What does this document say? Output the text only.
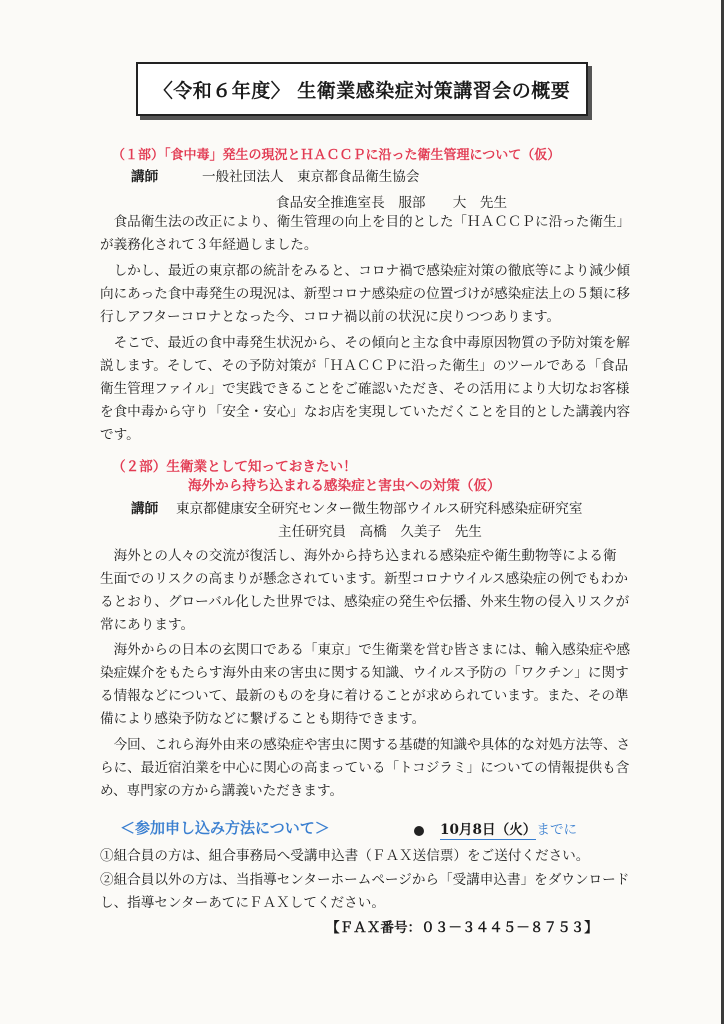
〈令和６年度〉 生衛業感染症対策講習会の概要
（１部）「食中毒」発生の現況とＨＡＣＣＰに沿った衛生管理について（仮）
講師	一般社団法人　東京都食品衛生協会
食品安全推進室長　服部　　大　先生
　食品衛生法の改正により、衛生管理の向上を目的とした「ＨＡＣＣＰに沿った衛生」
が義務化されて３年経過しました。
　しかし、最近の東京都の統計をみると、コロナ禍で感染症対策の徹底等により減少傾
向にあった食中毒発生の現況は、新型コロナ感染症の位置づけが感染症法上の５類に移
行しアフターコロナとなった今、コロナ禍以前の状況に戻りつつあります。
　そこで、最近の食中毒発生状況から、その傾向と主な食中毒原因物質の予防対策を解
説します。そして、その予防対策が「ＨＡＣＣＰに沿った衛生」のツールである「食品
衛生管理ファイル」で実践できることをご確認いただき、その活用により大切なお客様
を食中毒から守り「安全・安心」なお店を実現していただくことを目的とした講義内容
です。
（２部）生衛業として知っておきたい！
海外から持ち込まれる感染症と害虫への対策（仮）
講師 東京都健康安全研究センター微生物部ウイルス研究科感染症研究室
主任研究員　高橋　久美子　先生
　海外との人々の交流が復活し、海外から持ち込まれる感染症や衛生動物等による衛
生面でのリスクの高まりが懸念されています。新型コロナウイルス感染症の例でもわか
るとおり、グローバル化した世界では、感染症の発生や伝播、外来生物の侵入リスクが
常にあります。
　海外からの日本の玄関口である「東京」で生衛業を営む皆さまには、輸入感染症や感
染症媒介をもたらす海外由来の害虫に関する知識、ウイルス予防の「ワクチン」に関す
る情報などについて、最新のものを身に着けることが求められています。また、その準
備により感染予防などに繋げることも期待できます。
　今回、これら海外由来の感染症や害虫に関する基礎的知識や具体的な対処方法等、さ
らに、最近宿泊業を中心に関心の高まっている「トコジラミ」についての情報提供も含
め、専門家の方から講義いただきます。
＜参加申し込み方法について＞	10月8日（火）までに
①組合員の方は、組合事務局へ受講申込書（ＦＡＸ送信票）をご送付ください。
②組合員以外の方は、当指導センターホームページから「受講申込書」をダウンロード
し、指導センターあてにＦＡＸしてください。
【ＦＡＸ番号：０３－３４４５－８７５３】
